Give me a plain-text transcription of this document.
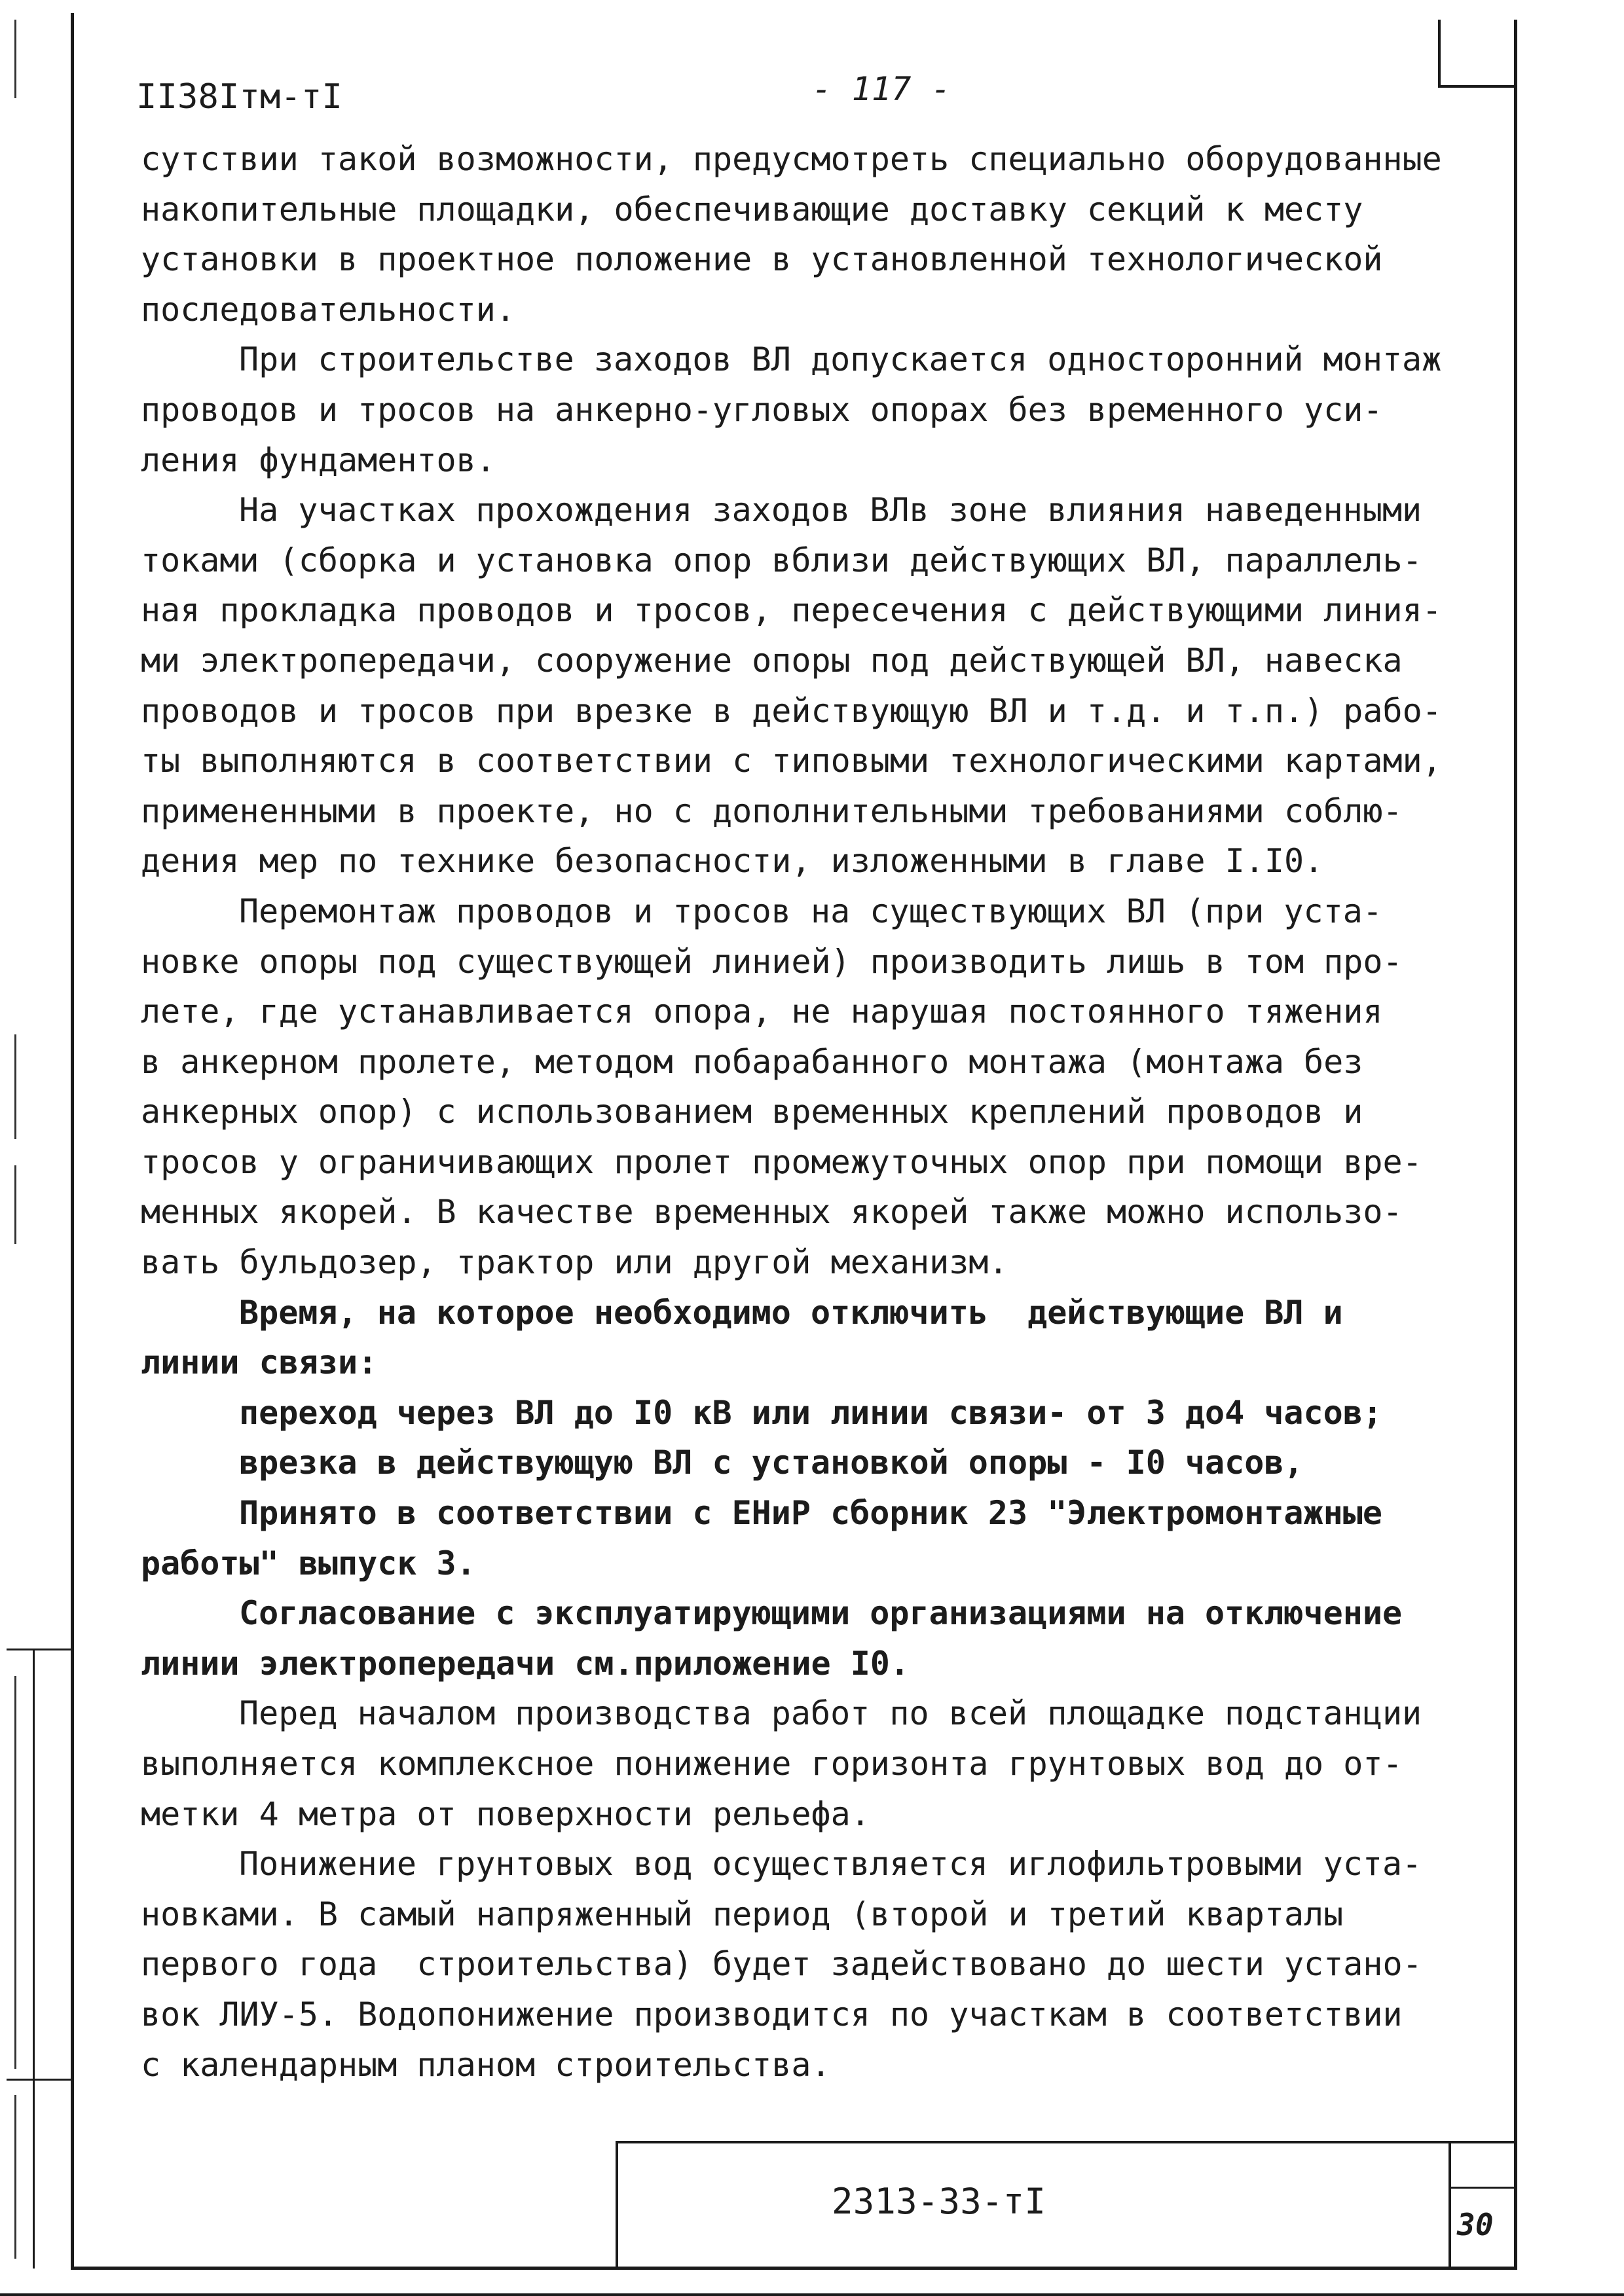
II38Iтм-тI	- 117 -
сутствии такой возможности, предусмотреть специально оборудованные
накопительные площадки, обеспечивающие доставку секций к месту
установки в проектное положение в установленной технологической
последовательности.
При строительстве заходов ВЛ допускается односторонний монтаж
проводов и тросов на анкерно-угловых опорах без временного уси-
ления фундаментов.
На участках прохождения заходов ВЛв зоне влияния наведенными
токами (сборка и установка опор вблизи действующих ВЛ, параллель-
ная прокладка проводов и тросов, пересечения с действующими линия-
ми электропередачи, сооружение опоры под действующей ВЛ, навеска
проводов и тросов при врезке в действующую ВЛ и т.д. и т.п.) рабо-
ты выполняются в соответствии с типовыми технологическими картами,
примененными в проекте, но с дополнительными требованиями соблю-
дения мер по технике безопасности, изложенными в главе I.I0.
Перемонтаж проводов и тросов на существующих ВЛ (при уста-
новке опоры под существующей линией) производить лишь в том про-
лете, где устанавливается опора, не нарушая постоянного тяжения
в анкерном пролете, методом побарабанного монтажа (монтажа без
анкерных опор) с использованием временных креплений проводов и
тросов у ограничивающих пролет промежуточных опор при помощи вре-
менных якорей. В качестве временных якорей также можно использо-
вать бульдозер, трактор или другой механизм.
Время, на которое необходимо отключить  действующие ВЛ и
линии связи:
переход через ВЛ до I0 кВ или линии связи- от 3 до4 часов;
врезка в действующую ВЛ с установкой опоры - I0 часов,
Принято в соответствии с ЕНиР сборник 23 "Электромонтажные
работы" выпуск 3.
Согласование с эксплуатирующими организациями на отключение
линии электропередачи см.приложение I0.
Перед началом производства работ по всей площадке подстанции
выполняется комплексное понижение горизонта грунтовых вод до от-
метки 4 метра от поверхности рельефа.
Понижение грунтовых вод осуществляется иглофильтровыми уста-
новками. В самый напряженный период (второй и третий кварталы
первого года  строительства) будет задействовано до шести устано-
вок ЛИУ-5. Водопонижение производится по участкам в соответствии
с календарным планом строительства.
2313-33-тI
30
